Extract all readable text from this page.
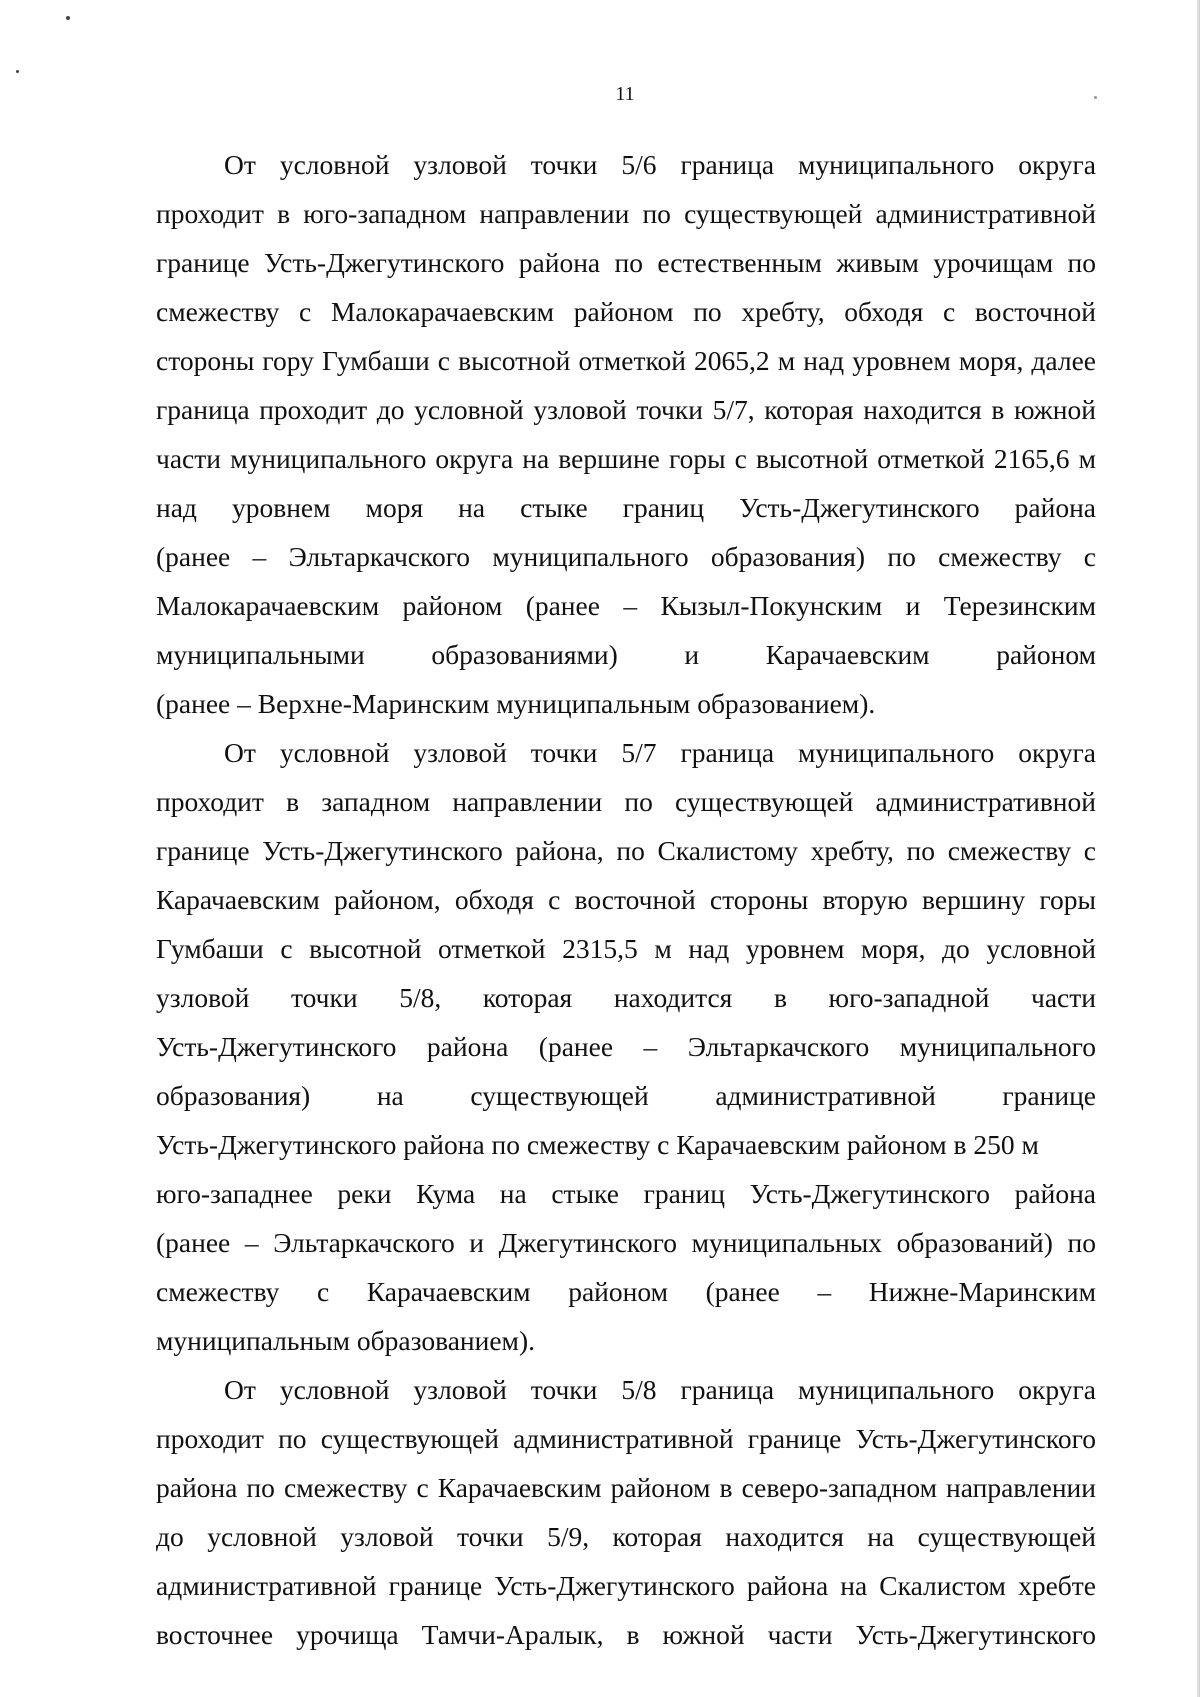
11
От условной узловой точки 5/6 граница муниципального округа
проходит в юго-западном направлении по существующей административной
границе Усть-Джегутинского района по естественным живым урочищам по
смежеству с Малокарачаевским районом по хребту, обходя с восточной
стороны гору Гумбаши с высотной отметкой 2065,2 м над уровнем моря, далее
граница проходит до условной узловой точки 5/7, которая находится в южной
части муниципального округа на вершине горы с высотной отметкой 2165,6 м
над уровнем моря на стыке границ Усть-Джегутинского района
(ранее – Эльтаркачского муниципального образования) по смежеству с
Малокарачаевским районом (ранее – Кызыл-Покунским и Терезинским
муниципальными образованиями) и Карачаевским районом
(ранее – Верхне-Маринским муниципальным образованием).
От условной узловой точки 5/7 граница муниципального округа
проходит в западном направлении по существующей административной
границе Усть-Джегутинского района, по Скалистому хребту, по смежеству с
Карачаевским районом, обходя с восточной стороны вторую вершину горы
Гумбаши с высотной отметкой 2315,5 м над уровнем моря, до условной
узловой точки 5/8, которая находится в юго-западной части
Усть-Джегутинского района (ранее – Эльтаркачского муниципального
образования) на существующей административной границе
Усть-Джегутинского района по смежеству с Карачаевским районом в 250 м
юго-западнее реки Кума на стыке границ Усть-Джегутинского района
(ранее – Эльтаркачского и Джегутинского муниципальных образований) по
смежеству с Карачаевским районом (ранее – Нижне-Маринским
муниципальным образованием).
От условной узловой точки 5/8 граница муниципального округа
проходит по существующей административной границе Усть-Джегутинского
района по смежеству с Карачаевским районом в северо-западном направлении
до условной узловой точки 5/9, которая находится на существующей
административной границе Усть-Джегутинского района на Скалистом хребте
восточнее урочища Тамчи-Аралык, в южной части Усть-Джегутинского
